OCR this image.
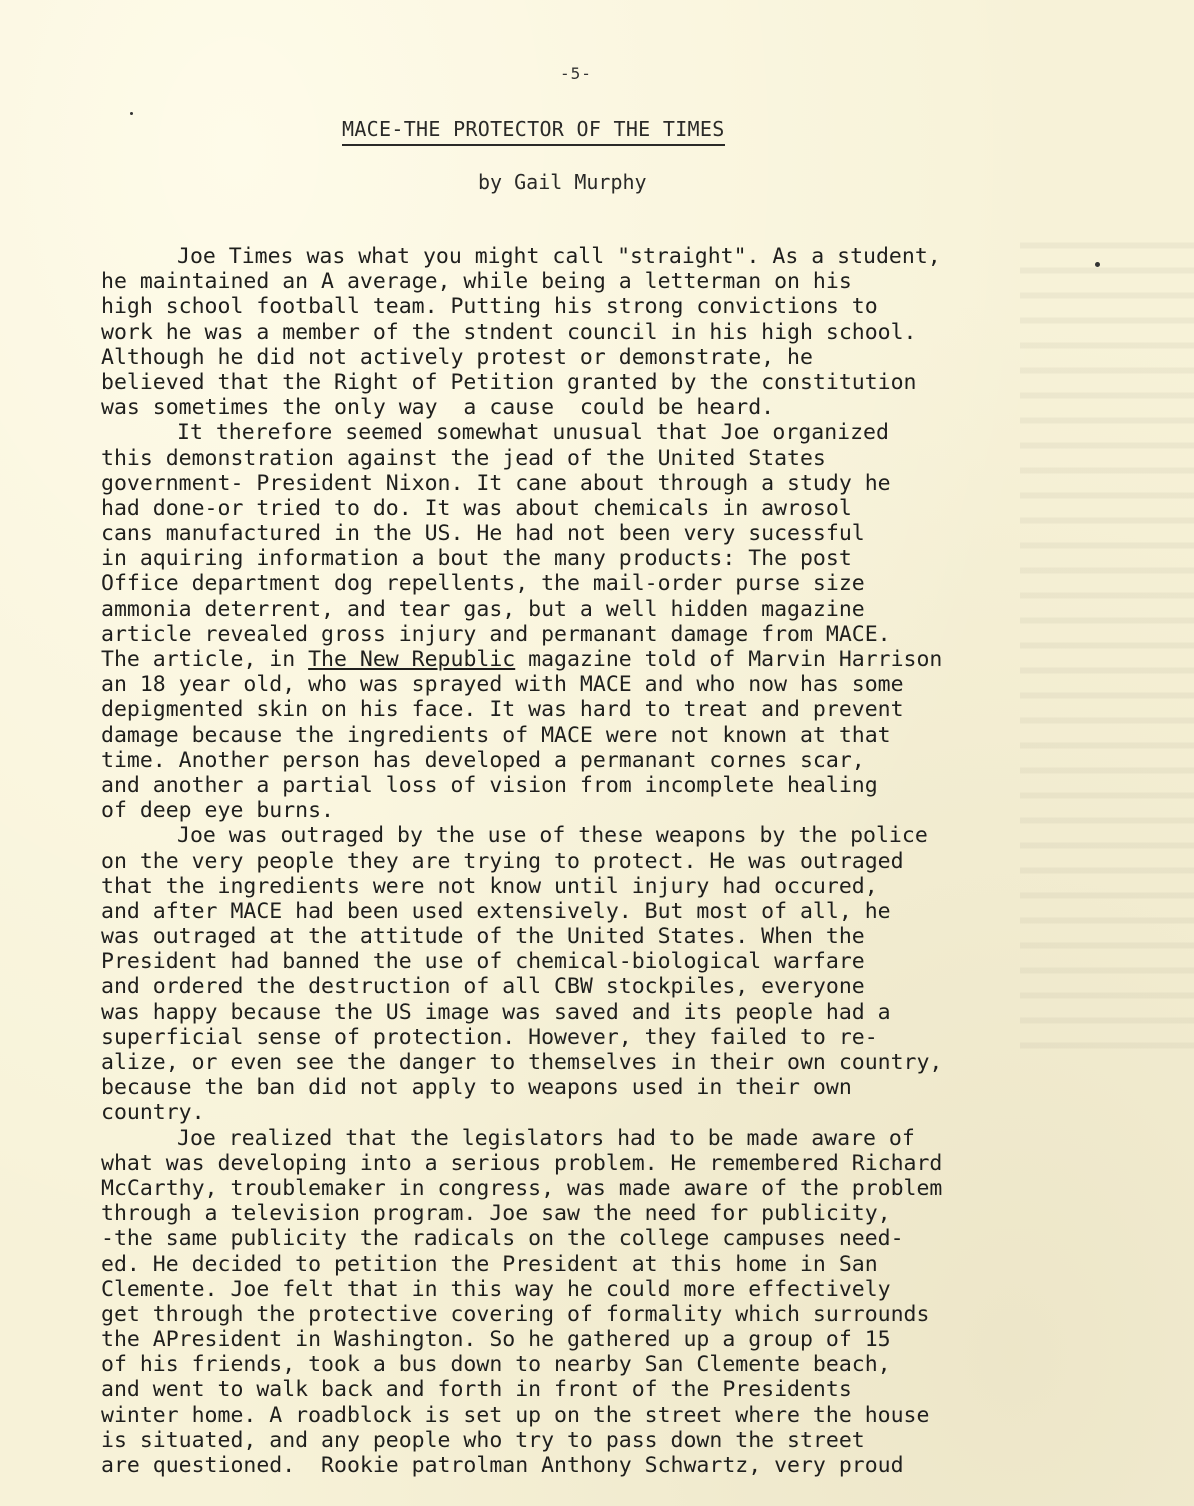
-5-
MACE-THE PROTECTOR OF THE TIMES
by Gail Murphy
Joe Times was what you might call "straight". As a student,
he maintained an A average, while being a letterman on his
high school football team. Putting his strong convictions to
work he was a member of the stndent council in his high school.
Although he did not actively protest or demonstrate, he
believed that the Right of Petition granted by the constitution
was sometimes the only way  a cause  could be heard.
It therefore seemed somewhat unusual that Joe organized
this demonstration against the jead of the United States
government- President Nixon. It cane about through a study he
had done-or tried to do. It was about chemicals in awrosol
cans manufactured in the US. He had not been very sucessful
in aquiring information a bout the many products: The post
Office department dog repellents, the mail-order purse size
ammonia deterrent, and tear gas, but a well hidden magazine
article revealed gross injury and permanant damage from MACE.
The article, in The New Republic magazine told of Marvin Harrison
an 18 year old, who was sprayed with MACE and who now has some
depigmented skin on his face. It was hard to treat and prevent
damage because the ingredients of MACE were not known at that
time. Another person has developed a permanant cornes scar,
and another a partial loss of vision from incomplete healing
of deep eye burns.
Joe was outraged by the use of these weapons by the police
on the very people they are trying to protect. He was outraged
that the ingredients were not know until injury had occured,
and after MACE had been used extensively. But most of all, he
was outraged at the attitude of the United States. When the
President had banned the use of chemical-biological warfare
and ordered the destruction of all CBW stockpiles, everyone
was happy because the US image was saved and its people had a
superficial sense of protection. However, they failed to re-
alize, or even see the danger to themselves in their own country,
because the ban did not apply to weapons used in their own
country.
Joe realized that the legislators had to be made aware of
what was developing into a serious problem. He remembered Richard
McCarthy, troublemaker in congress, was made aware of the problem
through a television program. Joe saw the need for publicity,
-the same publicity the radicals on the college campuses need-
ed. He decided to petition the President at this home in San
Clemente. Joe felt that in this way he could more effectively
get through the protective covering of formality which surrounds
the APresident in Washington. So he gathered up a group of 15
of his friends, took a bus down to nearby San Clemente beach,
and went to walk back and forth in front of the Presidents
winter home. A roadblock is set up on the street where the house
is situated, and any people who try to pass down the street
are questioned.  Rookie patrolman Anthony Schwartz, very proud
